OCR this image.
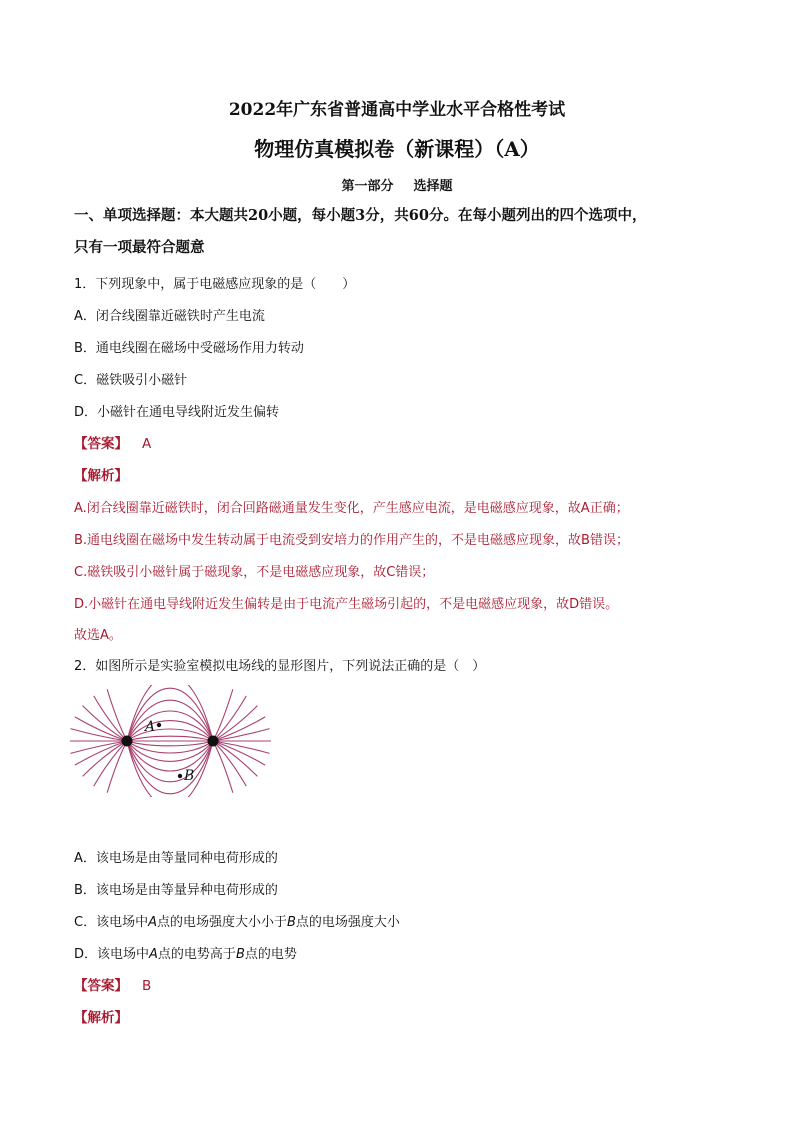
2022年广东省普通高中学业水平合格性考试
物理仿真模拟卷（新课程）（A）
第一部分 选择题
一、单项选择题：本大题共20小题，每小题3分，共60分。在每小题列出的四个选项中，
只有一项最符合题意
1．下列现象中，属于电磁感应现象的是（　　）
A．闭合线圈靠近磁铁时产生电流
B．通电线圈在磁场中受磁场作用力转动
C．磁铁吸引小磁针
D．小磁针在通电导线附近发生偏转
【答案】 A
【解析】
A.闭合线圈靠近磁铁时，闭合回路磁通量发生变化，产生感应电流，是电磁感应现象，故A正确；
B.通电线圈在磁场中发生转动属于电流受到安培力的作用产生的，不是电磁感应现象，故B错误；
C.磁铁吸引小磁针属于磁现象，不是电磁感应现象，故C错误；
D.小磁针在通电导线附近发生偏转是由于电流产生磁场引起的，不是电磁感应现象，故D错误。
故选A。
2．如图所示是实验室模拟电场线的显形图片，下列说法正确的是（　）
A
B
A．该电场是由等量同种电荷形成的
B．该电场是由等量异种电荷形成的
C．该电场中A点的电场强度大小小于B点的电场强度大小
D．该电场中A点的电势高于B点的电势
【答案】 B
【解析】
